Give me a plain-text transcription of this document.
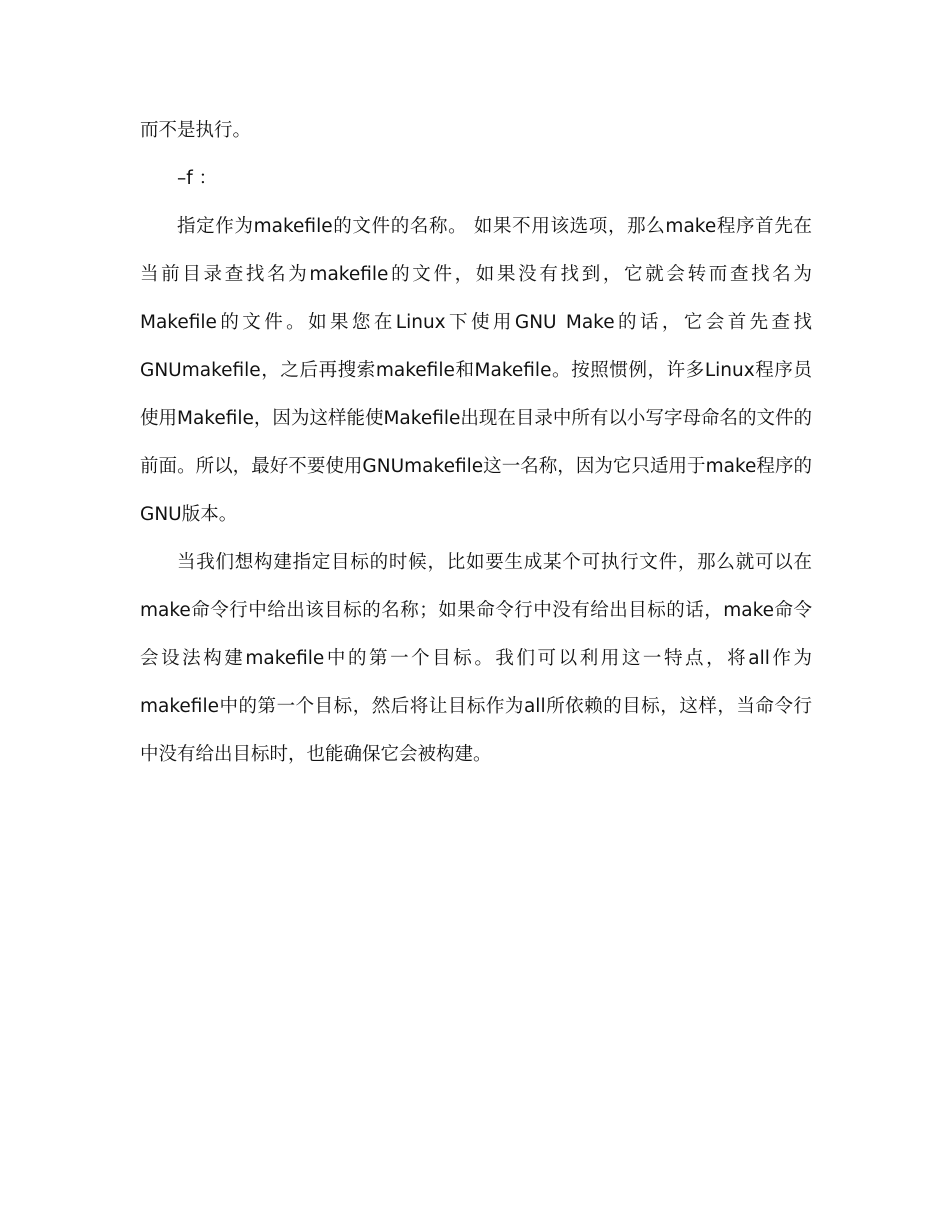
而不是执行。

–f ：

指定作为makefile的文件的名称。 如果不用该选项，那么make程序首先在当前目录查找名为makefile的文件，如果没有找到，它就会转而查找名为Makefile的文件。如果您在Linux下使用GNU Make的话，它会首先查找GNUmakefile，之后再搜索makefile和Makefile。按照惯例，许多Linux程序员使用Makefile，因为这样能使Makefile出现在目录中所有以小写字母命名的文件的前面。所以，最好不要使用GNUmakefile这一名称，因为它只适用于make程序的GNU版本。

当我们想构建指定目标的时候，比如要生成某个可执行文件，那么就可以在make命令行中给出该目标的名称；如果命令行中没有给出目标的话，make命令会设法构建makefile中的第一个目标。我们可以利用这一特点，将all作为makefile中的第一个目标，然后将让目标作为all所依赖的目标，这样，当命令行中没有给出目标时，也能确保它会被构建。
